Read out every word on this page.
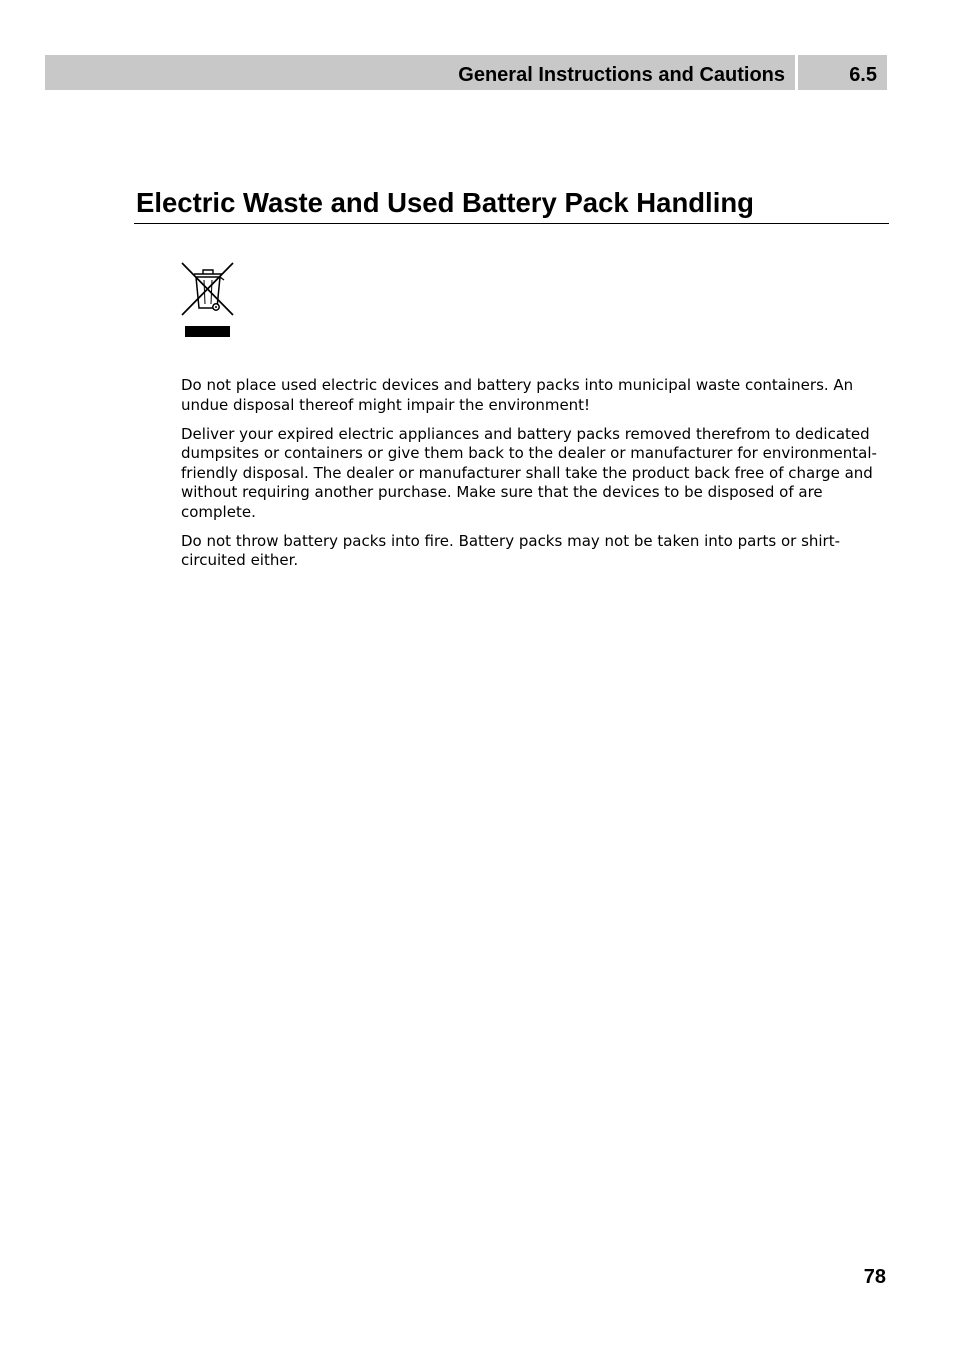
General Instructions and Cautions	6.5
Electric Waste and Used Battery Pack Handling

Do not place used electric devices and battery packs into municipal waste containers. An undue disposal thereof might impair the environment!

Deliver your expired electric appliances and battery packs removed therefrom to dedicated dumpsites or containers or give them back to the dealer or manufacturer for environmental-friendly disposal. The dealer or manufacturer shall take the product back free of charge and without requiring another purchase. Make sure that the devices to be disposed of are complete.

Do not throw battery packs into fire. Battery packs may not be taken into parts or shirt-circuited either.

78
